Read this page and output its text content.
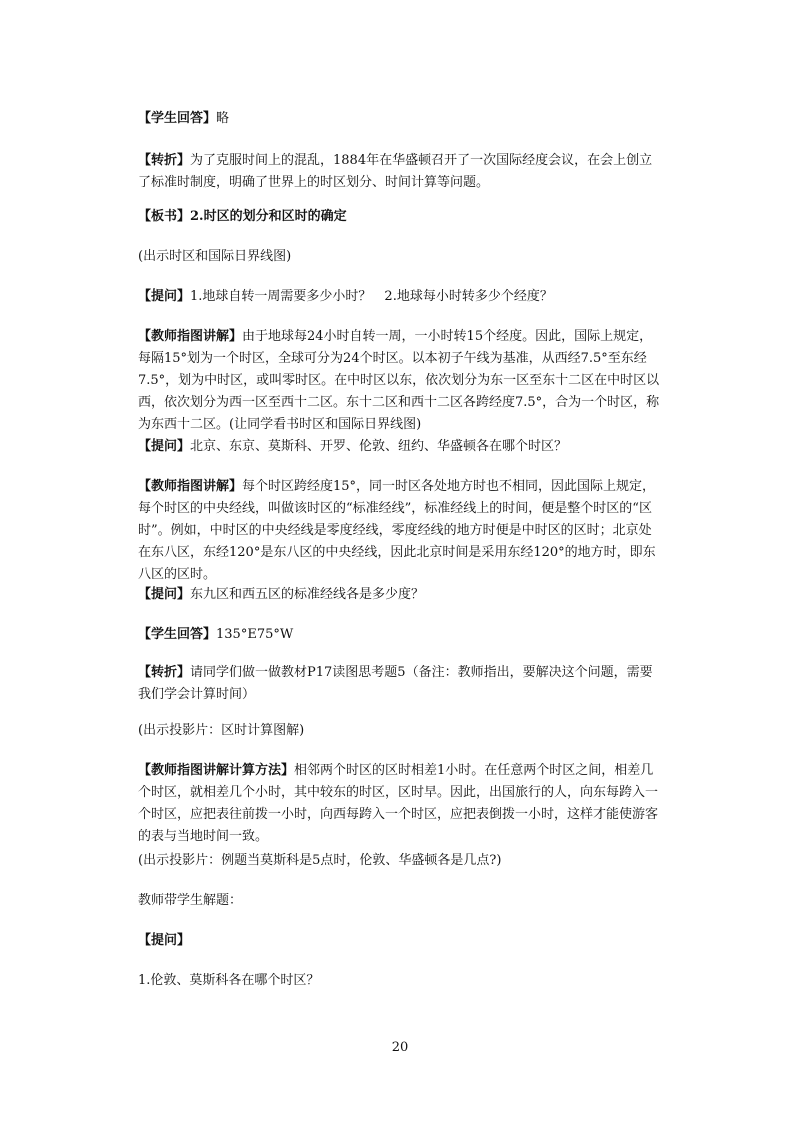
【学生回答】略

【转折】为了克服时间上的混乱，1884年在华盛顿召开了一次国际经度会议，在会上创立了标准时制度，明确了世界上的时区划分、时间计算等问题。

【板书】2.时区的划分和区时的确定

(出示时区和国际日界线图)

【提问】1.地球自转一周需要多少小时？　2.地球每小时转多少个经度？

【教师指图讲解】由于地球每24小时自转一周，一小时转15个经度。因此，国际上规定，每隔15°划为一个时区，全球可分为24个时区。以本初子午线为基准，从西经7.5°至东经7.5°，划为中时区，或叫零时区。在中时区以东，依次划分为东一区至东十二区在中时区以西，依次划分为西一区至西十二区。东十二区和西十二区各跨经度7.5°，合为一个时区，称为东西十二区。(让同学看书时区和国际日界线图)

【提问】北京、东京、莫斯科、开罗、伦敦、纽约、华盛顿各在哪个时区？

【教师指图讲解】每个时区跨经度15°，同一时区各处地方时也不相同，因此国际上规定，每个时区的中央经线，叫做该时区的“标准经线”，标准经线上的时间，便是整个时区的“区时”。例如，中时区的中央经线是零度经线，零度经线的地方时便是中时区的区时；北京处在东八区，东经120°是东八区的中央经线，因此北京时间是采用东经120°的地方时，即东八区的区时。

【提问】东九区和西五区的标准经线各是多少度？

【学生回答】135°E75°W

【转折】请同学们做一做教材P17读图思考题5（备注：教师指出，要解决这个问题，需要我们学会计算时间）

(出示投影片：区时计算图解)

【教师指图讲解计算方法】相邻两个时区的区时相差1小时。在任意两个时区之间，相差几个时区，就相差几个小时，其中较东的时区，区时早。因此，出国旅行的人，向东每跨入一个时区，应把表往前拨一小时，向西每跨入一个时区，应把表倒拨一小时，这样才能使游客的表与当地时间一致。

(出示投影片：例题当莫斯科是5点时，伦敦、华盛顿各是几点?)

教师带学生解题：

【提问】

1.伦敦、莫斯科各在哪个时区？

20
